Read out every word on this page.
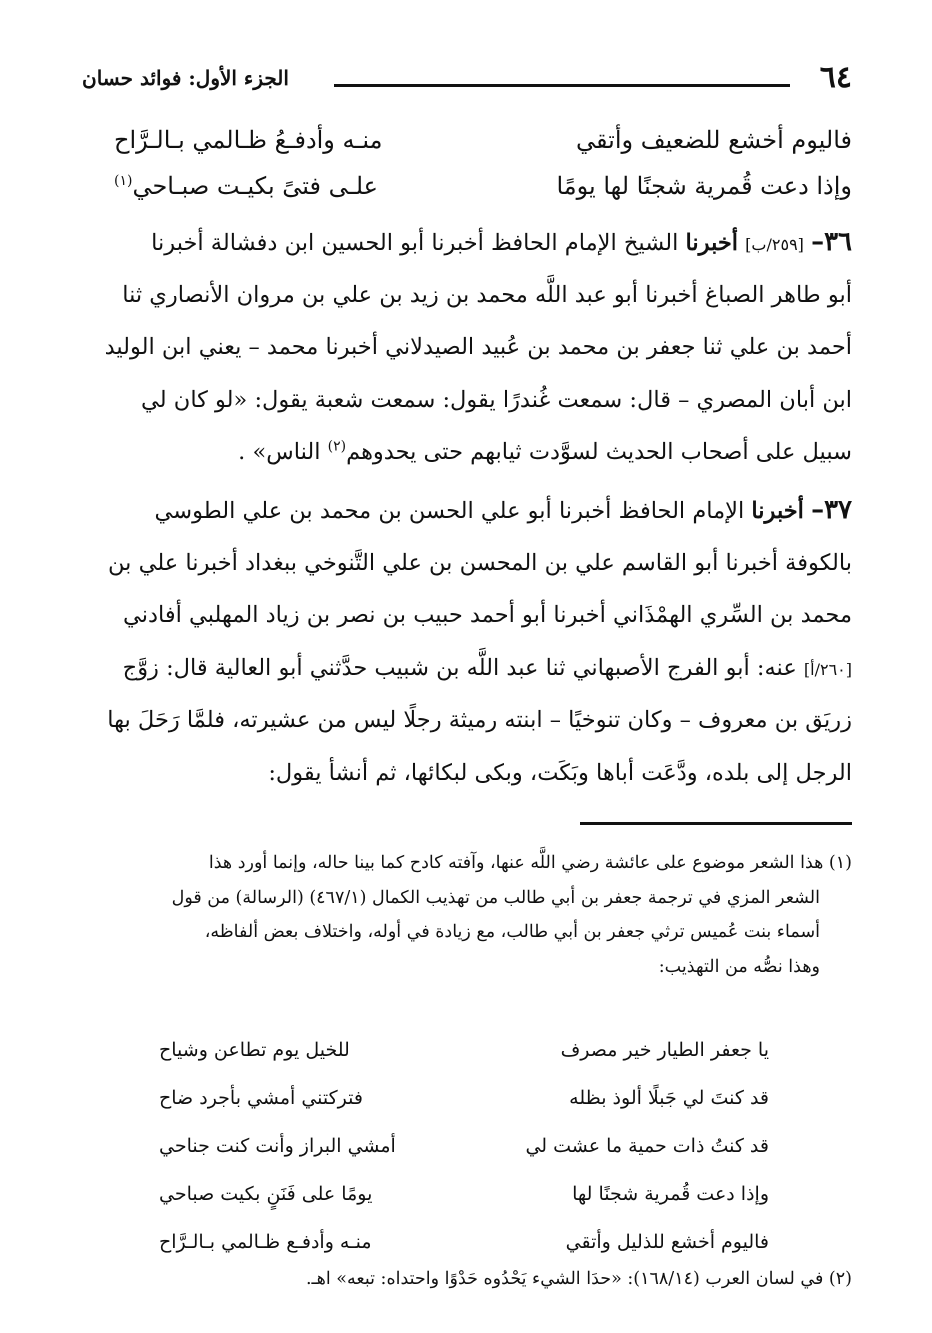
٦٤
الجزء الأول: فوائد حسان
فاليوم أخشع للضعيف وأتقي
منـه وأدفـعُ ظـالمي بـالـرَّاح
وإذا دعت قُمرية شجنًا لها يومًا
علـى فتىً بكيـت صبـاحي$^{(١)}$
٣٦– [٢٥٩/ب] أخبرنا الشيخ الإمام الحافظ أخبرنا أبو الحسين ابن دفشالة أخبرنا
أبو طاهر الصباغ أخبرنا أبو عبد اللَّه محمد بن زيد بن علي بن مروان الأنصاري ثنا
أحمد بن علي ثنا جعفر بن محمد بن عُبيد الصيدلاني أخبرنا محمد – يعني ابن الوليد
ابن أبان المصري – قال: سمعت غُندرًا يقول: سمعت شعبة يقول: «لو كان لي
سبيل على أصحاب الحديث لسوَّدت ثيابهم حتى يحدوهم$^{(٢)}$ الناس» .
٣٧– أخبرنا الإمام الحافظ أخبرنا أبو علي الحسن بن محمد بن علي الطوسي
بالكوفة أخبرنا أبو القاسم علي بن المحسن بن علي التَّنوخي ببغداد أخبرنا علي بن
محمد بن السِّري الهمْذَاني أخبرنا أبو أحمد حبيب بن نصر بن زياد المهلبي أفادني
[٢٦٠/أ] عنه: أبو الفرج الأصبهاني ثنا عبد اللَّه بن شبيب حدَّثني أبو العالية قال: زوَّج
زريَق بن معروف – وكان تنوخيًا – ابنته رميثة رجلًا ليس من عشيرته، فلمَّا رَحَلَ بها
الرجل إلى بلده، ودَّعَت أباها وبَكَت، وبكى لبكائها، ثم أنشأ يقول:
(١) هذا الشعر موضوع على عائشة رضي اللَّه عنها، وآفته كادح كما بينا حاله، وإنما أورد هذا
الشعر المزي في ترجمة جعفر بن أبي طالب من تهذيب الكمال (٤٦٧/١) (الرسالة) من قول
أسماء بنت عُميس ترثي جعفر بن أبي طالب، مع زيادة في أوله، واختلاف بعض ألفاظه،
وهذا نصُّه من التهذيب:
يا جعفر الطيار خير مصرف
للخيل يوم تطاعن وشياح
قد كنتَ لي جَبلًا ألوذ بظله
فتركتني أمشي بأجرد ضاح
قد كنتُ ذات حمية ما عشت لي
أمشي البراز وأنت كنت جناحي
وإذا دعت قُمرية شجنًا لها
يومًا على فَنَنٍ بكيت صباحي
فاليوم أخشع للذليل وأتقي
منـه وأدفـع ظـالمي بـالـرَّاح
(٢) في لسان العرب (١٦٨/١٤): «حدَا الشيء يَحْدُوه حَدْوًا واحتداه: تبعه» اهـ.
